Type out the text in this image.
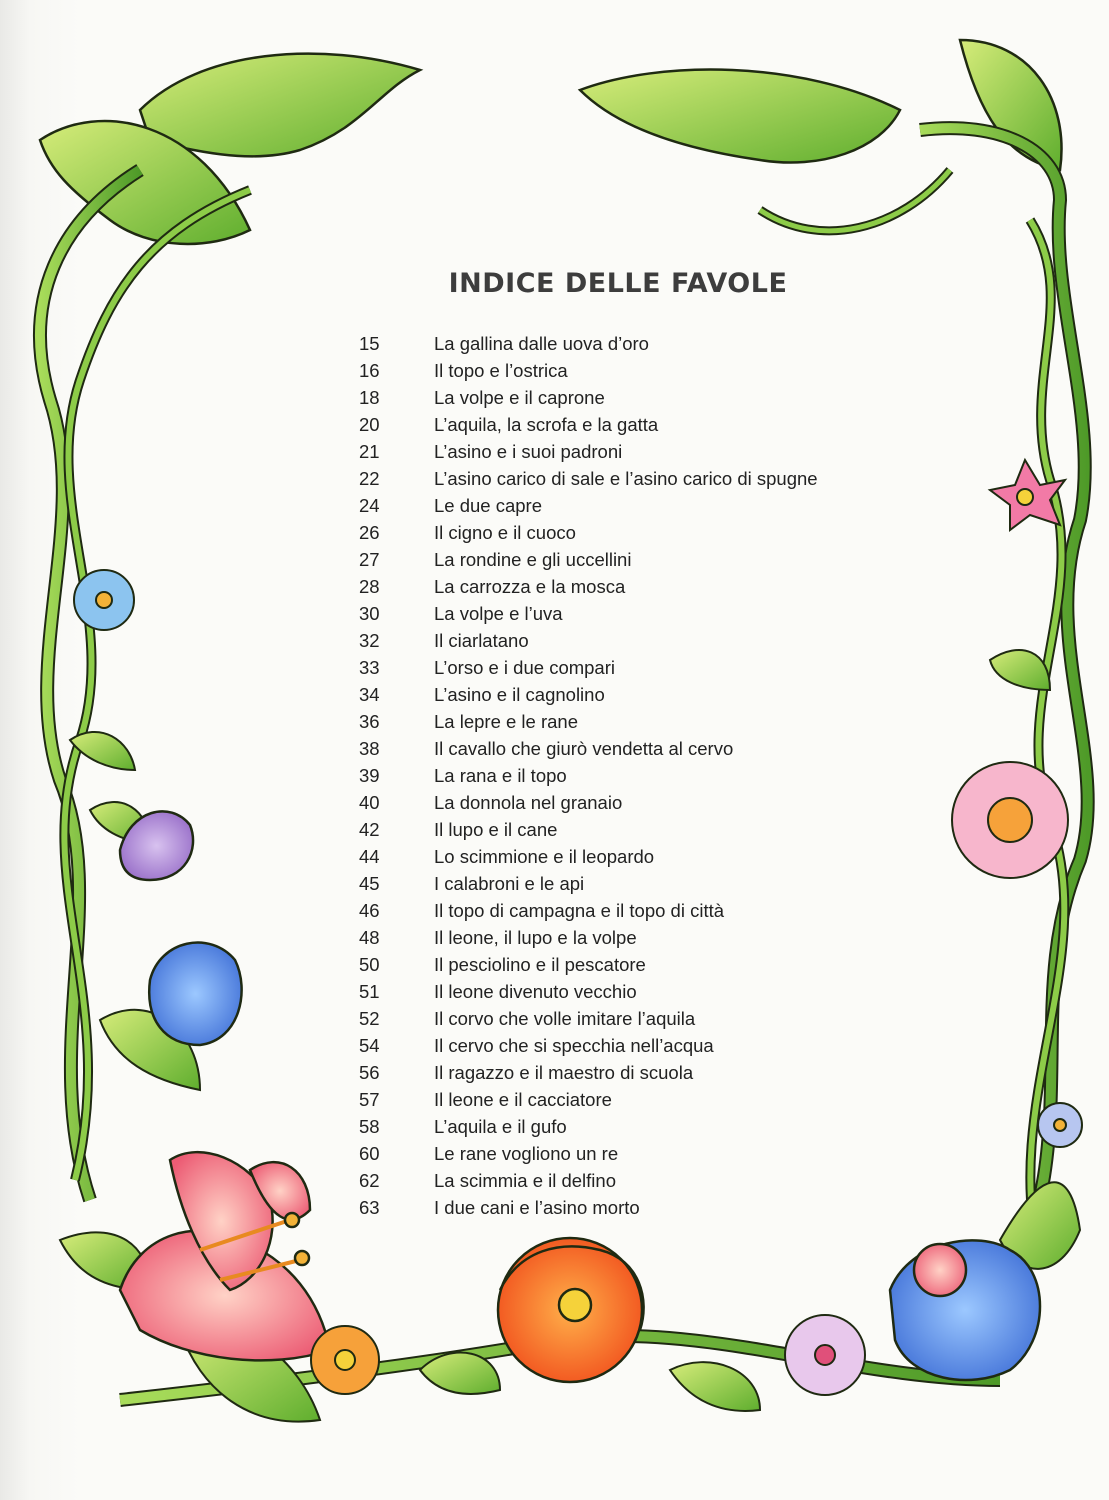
INDICE DELLE FAVOLE
15	La gallina dalle uova d’oro
16	Il topo e l’ostrica
18	La volpe e il caprone
20	L’aquila, la scrofa e la gatta
21	L’asino e i suoi padroni
22	L’asino carico di sale e l’asino carico di spugne
24	Le due capre
26	Il cigno e il cuoco
27	La rondine e gli uccellini
28	La carrozza e la mosca
30	La volpe e l’uva
32	Il ciarlatano
33	L’orso e i due compari
34	L’asino e il cagnolino
36	La lepre e le rane
38	Il cavallo che giurò vendetta al cervo
39	La rana e il topo
40	La donnola nel granaio
42	Il lupo e il cane
44	Lo scimmione e il leopardo
45	I calabroni e le api
46	Il topo di campagna e il topo di città
48	Il leone, il lupo e la volpe
50	Il pesciolino e il pescatore
51	Il leone divenuto vecchio
52	Il corvo che volle imitare l’aquila
54	Il cervo che si specchia nell’acqua
56	Il ragazzo e il maestro di scuola
57	Il leone e il cacciatore
58	L’aquila e il gufo
60	Le rane vogliono un re
62	La scimmia e il delfino
63	I due cani e l’asino morto
